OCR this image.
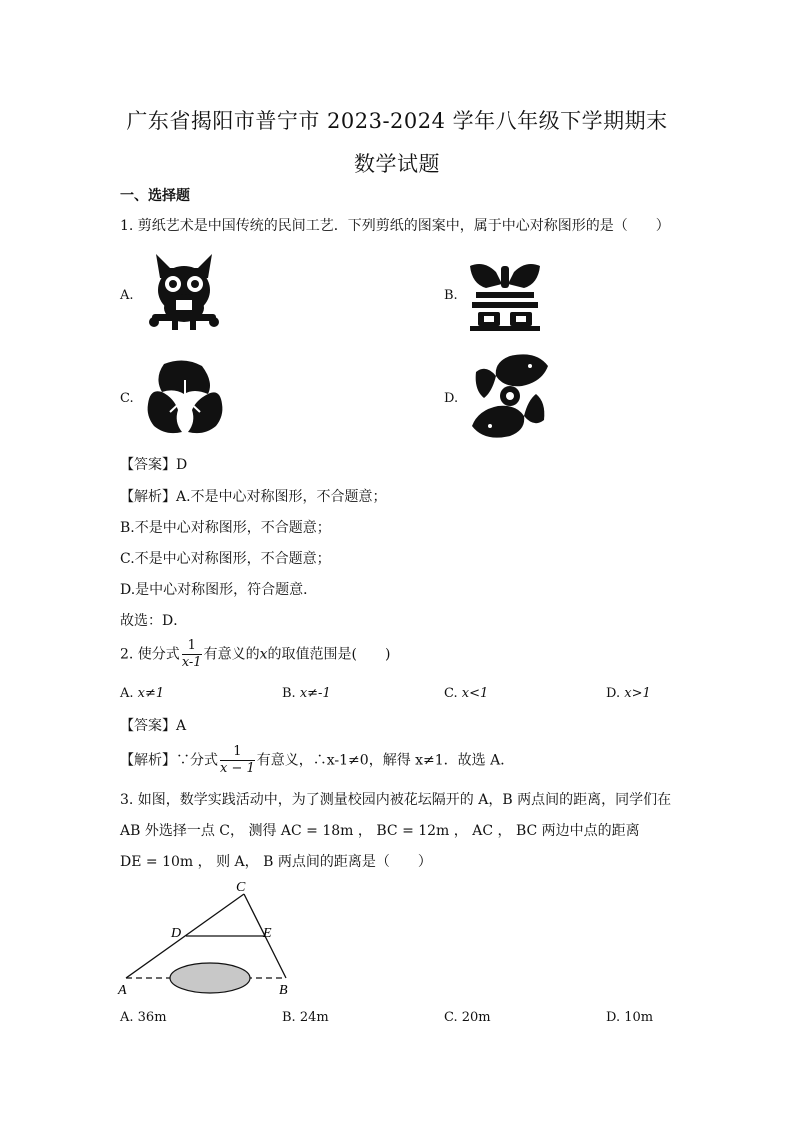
广东省揭阳市普宁市 2023-2024 学年八年级下学期期末
数学试题
一、选择题
1. 剪纸艺术是中国传统的民间工艺．下列剪纸的图案中，属于中心对称图形的是（　　）
A.	B.
C.	D.
【答案】D
【解析】A.不是中心对称图形，不合题意；
B.不是中心对称图形，不合题意；
C.不是中心对称图形，不合题意；
D.是中心对称图形，符合题意．
故选：D．
2. 使分式 $\frac{1}{x-1}$ 有意义的x的取值范围是(　　)
A. x≠1	B. x≠-1	C. x<1	D. x>1
【答案】A
【解析】∵分式 $\frac{1}{x - 1}$ 有意义，∴x-1≠0，解得 x≠1．故选 A．
3. 如图，数学实践活动中，为了测量校园内被花坛隔开的 A，B 两点间的距离，同学们在
AB 外选择一点 C， 测得 AC = 18m ， BC = 12m ， AC ， BC 两边中点的距离
DE = 10m ， 则 A， B 两点间的距离是（　　）
C
D	E
A	B
A. 36m	B. 24m	C. 20m	D. 10m
